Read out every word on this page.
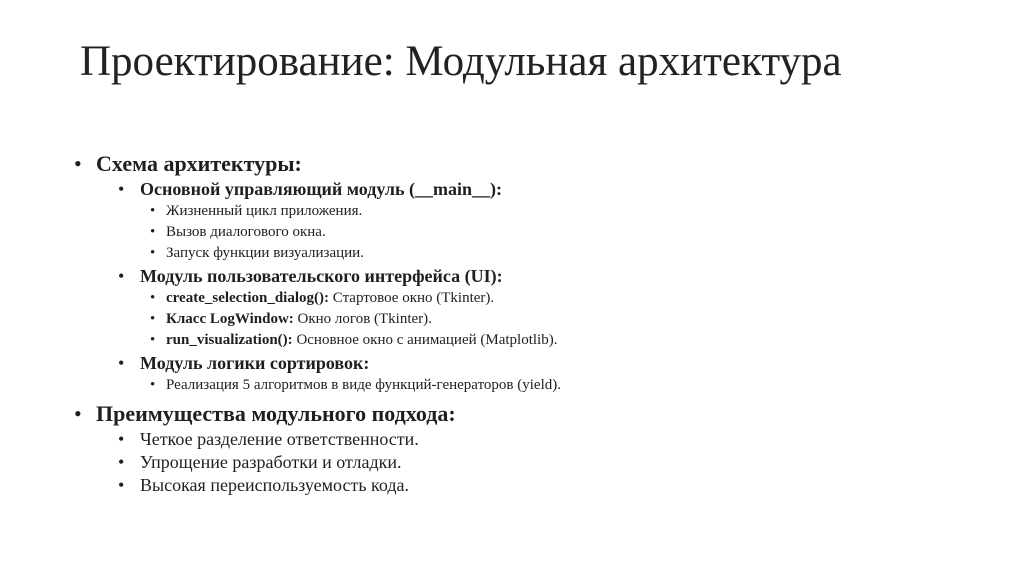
Проектирование: Модульная архитектура
• Схема архитектуры:
• Основной управляющий модуль (__main__):
• Жизненный цикл приложения.
• Вызов диалогового окна.
• Запуск функции визуализации.
• Модуль пользовательского интерфейса (UI):
• create_selection_dialog(): Стартовое окно (Tkinter).
• Класс LogWindow: Окно логов (Tkinter).
• run_visualization(): Основное окно с анимацией (Matplotlib).
• Модуль логики сортировок:
• Реализация 5 алгоритмов в виде функций-генераторов (yield).
• Преимущества модульного подхода:
• Четкое разделение ответственности.
• Упрощение разработки и отладки.
• Высокая переиспользуемость кода.
